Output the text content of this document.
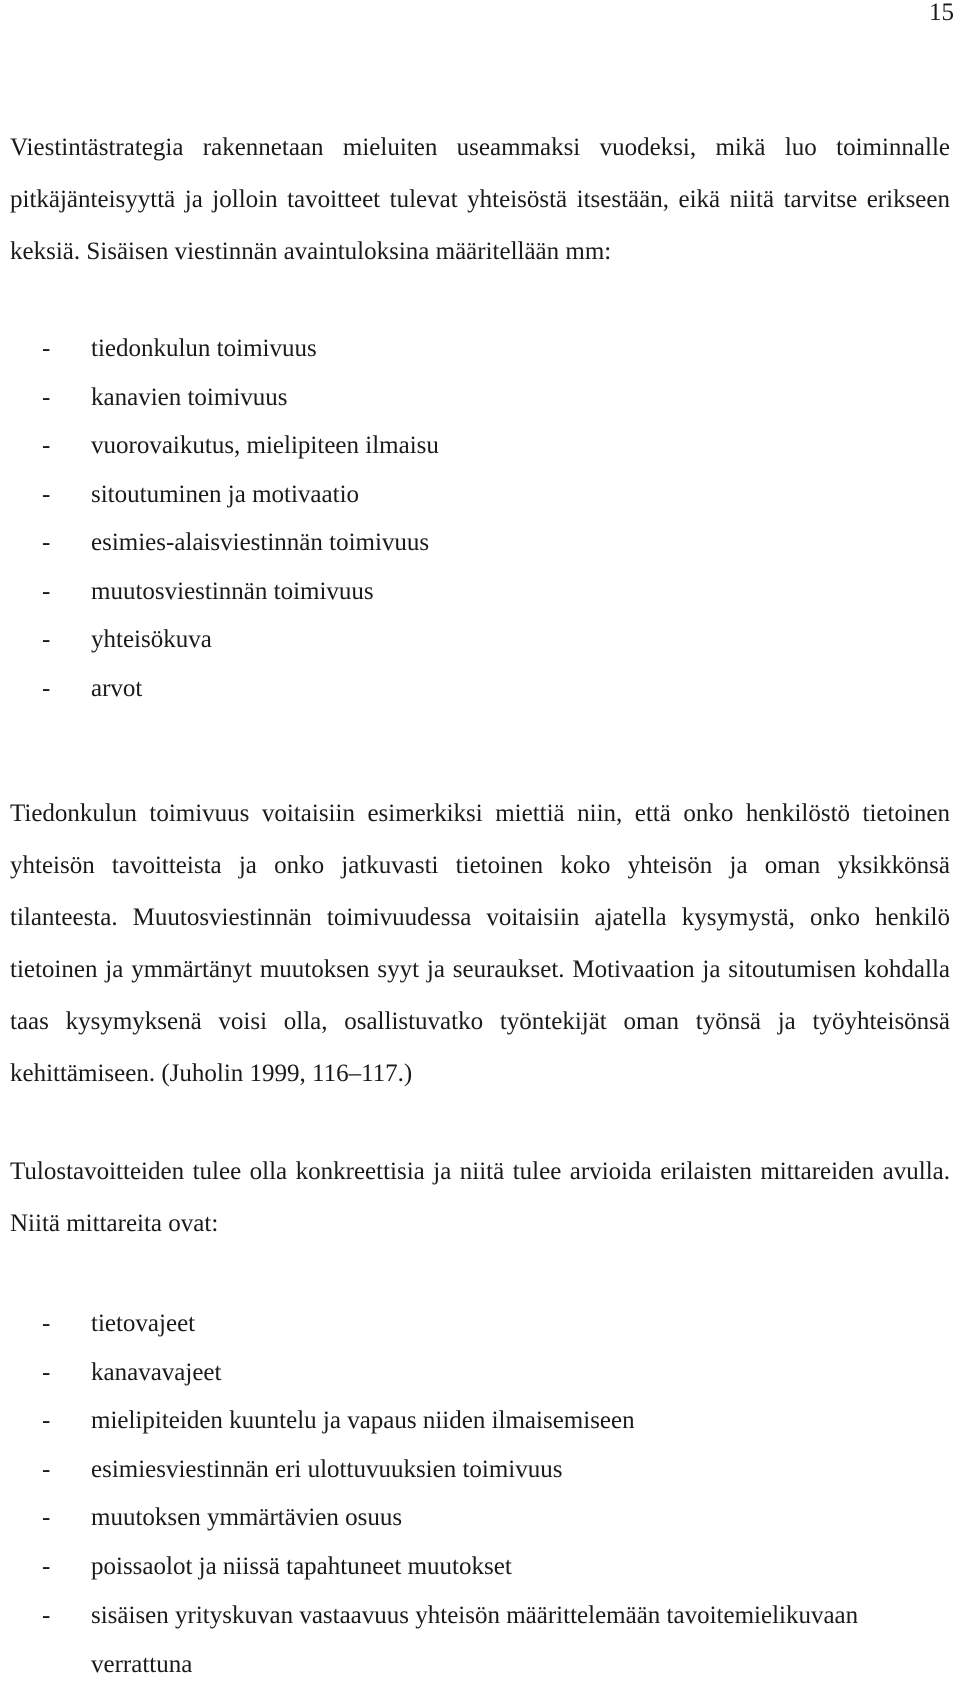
15

Viestintästrategia rakennetaan mieluiten useammaksi vuodeksi, mikä luo toiminnalle pitkäjänteisyyttä ja jolloin tavoitteet tulevat yhteisöstä itsestään, eikä niitä tarvitse erikseen keksiä. Sisäisen viestinnän avaintuloksina määritellään mm:

- tiedonkulun toimivuus
- kanavien toimivuus
- vuorovaikutus, mielipiteen ilmaisu
- sitoutuminen ja motivaatio
- esimies-alaisviestinnän toimivuus
- muutosviestinnän toimivuus
- yhteisökuva
- arvot

Tiedonkulun toimivuus voitaisiin esimerkiksi miettiä niin, että onko henkilöstö tietoinen yhteisön tavoitteista ja onko jatkuvasti tietoinen koko yhteisön ja oman yksikkönsä tilanteesta. Muutosviestinnän toimivuudessa voitaisiin ajatella kysymystä, onko henkilö tietoinen ja ymmärtänyt muutoksen syyt ja seuraukset. Motivaation ja sitoutumisen kohdalla taas kysymyksenä voisi olla, osallistuvatko työntekijät oman työnsä ja työyhteisönsä kehittämiseen. (Juholin 1999, 116–117.)

Tulostavoitteiden tulee olla konkreettisia ja niitä tulee arvioida erilaisten mittareiden avulla. Niitä mittareita ovat:

- tietovajeet
- kanavavajeet
- mielipiteiden kuuntelu ja vapaus niiden ilmaisemiseen
- esimiesviestinnän eri ulottuvuuksien toimivuus
- muutoksen ymmärtävien osuus
- poissaolot ja niissä tapahtuneet muutokset
- sisäisen yrityskuvan vastaavuus yhteisön määrittelemään tavoitemielikuvaan verrattuna
